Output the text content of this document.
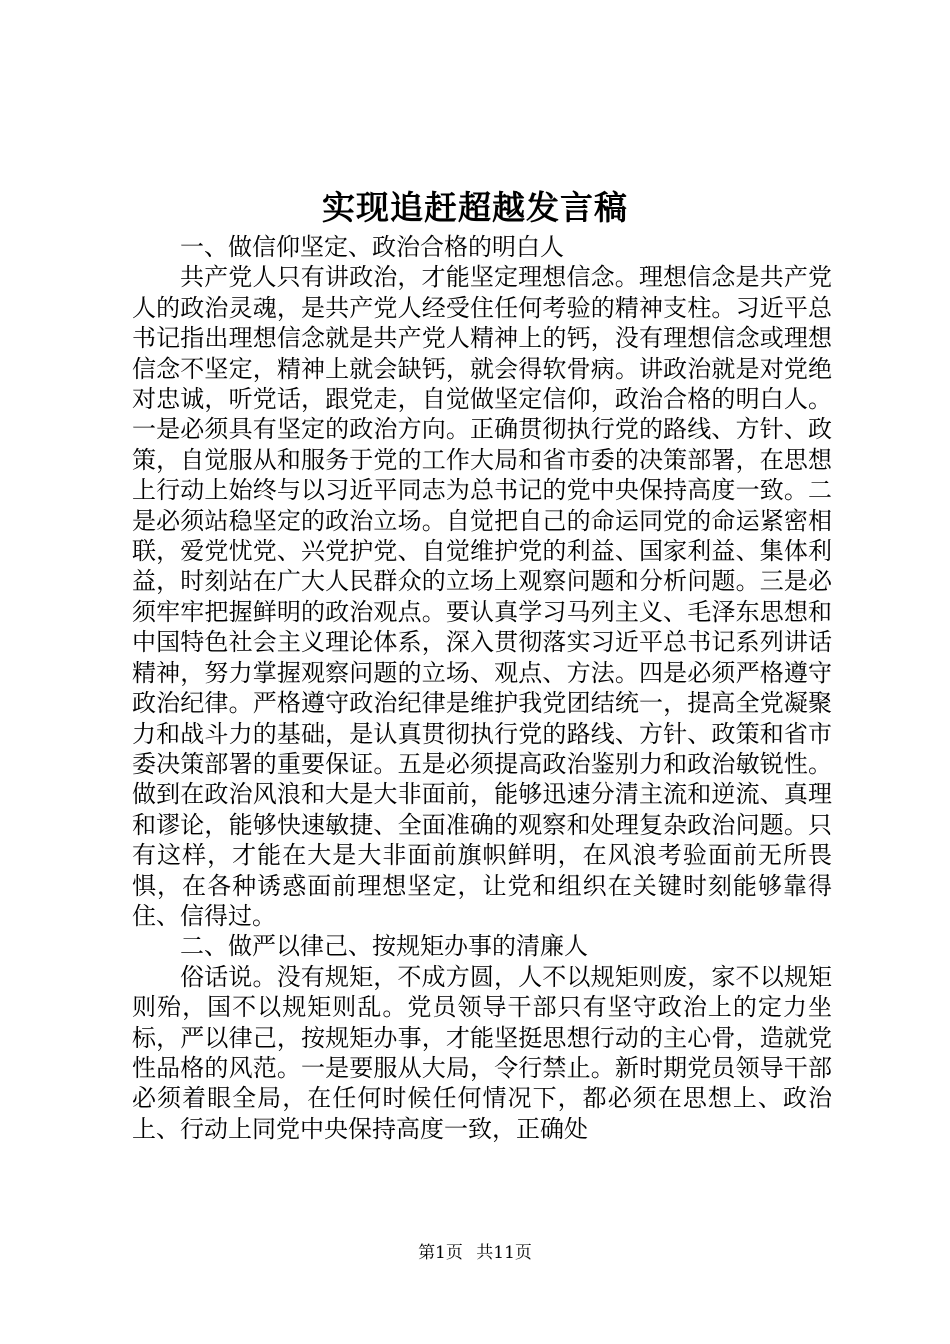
实现追赶超越发言稿

一、做信仰坚定、政治合格的明白人

共产党人只有讲政治，才能坚定理想信念。理想信念是共产党人的政治灵魂，是共产党人经受住任何考验的精神支柱。习近平总书记指出理想信念就是共产党人精神上的钙，没有理想信念或理想信念不坚定，精神上就会缺钙，就会得软骨病。讲政治就是对党绝对忠诚，听党话，跟党走，自觉做坚定信仰，政治合格的明白人。一是必须具有坚定的政治方向。正确贯彻执行党的路线、方针、政策，自觉服从和服务于党的工作大局和省市委的决策部署，在思想上行动上始终与以习近平同志为总书记的党中央保持高度一致。二是必须站稳坚定的政治立场。自觉把自己的命运同党的命运紧密相联，爱党忧党、兴党护党、自觉维护党的利益、国家利益、集体利益，时刻站在广大人民群众的立场上观察问题和分析问题。三是必须牢牢把握鲜明的政治观点。要认真学习马列主义、毛泽东思想和中国特色社会主义理论体系，深入贯彻落实习近平总书记系列讲话精神，努力掌握观察问题的立场、观点、方法。四是必须严格遵守政治纪律。严格遵守政治纪律是维护我党团结统一，提高全党凝聚力和战斗力的基础，是认真贯彻执行党的路线、方针、政策和省市委决策部署的重要保证。五是必须提高政治鉴别力和政治敏锐性。做到在政治风浪和大是大非面前，能够迅速分清主流和逆流、真理和谬论，能够快速敏捷、全面准确的观察和处理复杂政治问题。只有这样，才能在大是大非面前旗帜鲜明，在风浪考验面前无所畏惧，在各种诱惑面前理想坚定，让党和组织在关键时刻能够靠得住、信得过。

二、做严以律己、按规矩办事的清廉人

俗话说。没有规矩，不成方圆，人不以规矩则废，家不以规矩则殆，国不以规矩则乱。党员领导干部只有坚守政治上的定力坐标，严以律己，按规矩办事，才能坚挺思想行动的主心骨，造就党性品格的风范。一是要服从大局，令行禁止。新时期党员领导干部必须着眼全局，在任何时候任何情况下，都必须在思想上、政治上、行动上同党中央保持高度一致，正确处

第1页 共11页
